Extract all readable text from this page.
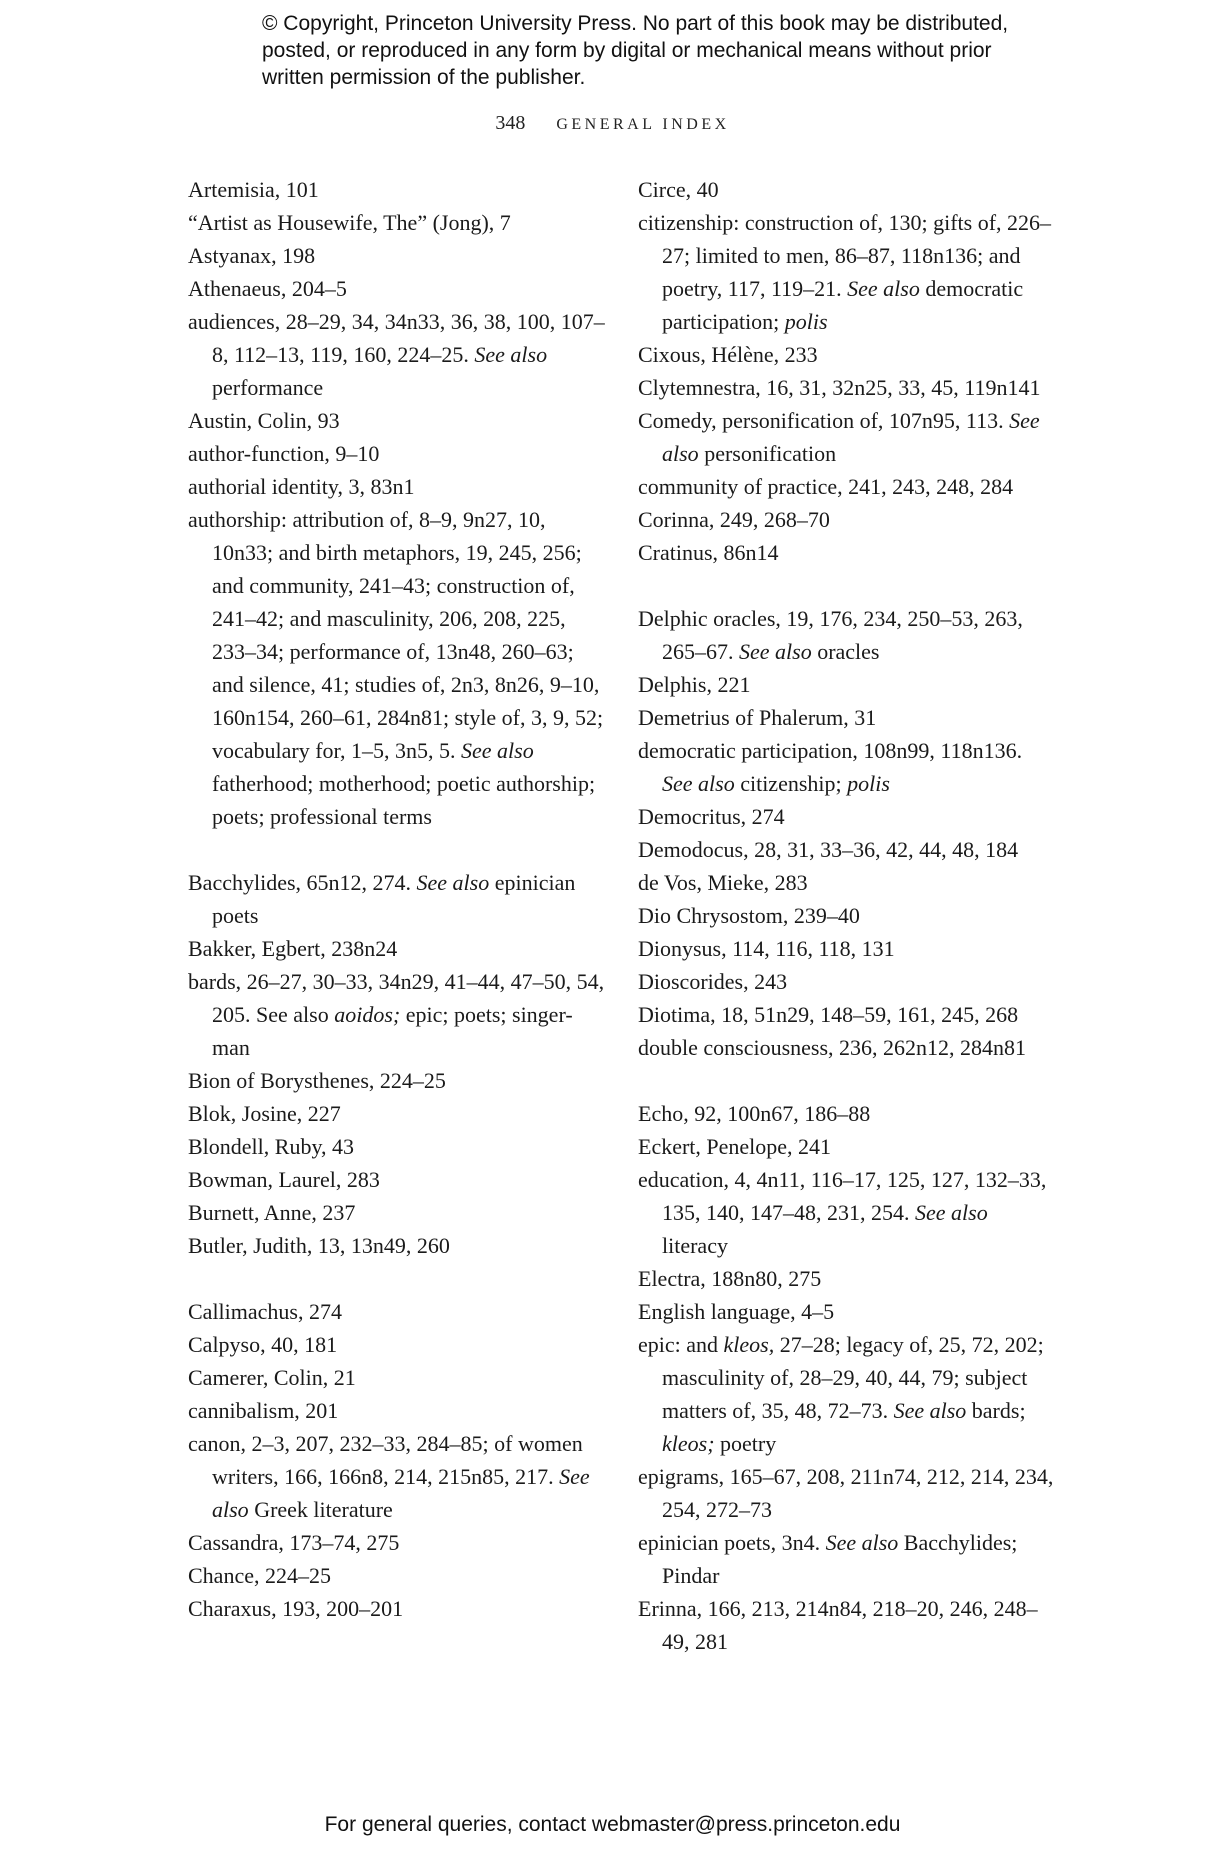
© Copyright, Princeton University Press. No part of this book may be distributed, posted, or reproduced in any form by digital or mechanical means without prior written permission of the publisher.
348 GENERAL INDEX
Artemisia, 101
“Artist as Housewife, The” (Jong), 7
Astyanax, 198
Athenaeus, 204–5
audiences, 28–29, 34, 34n33, 36, 38, 100, 107–8, 112–13, 119, 160, 224–25. See also performance
Austin, Colin, 93
author-function, 9–10
authorial identity, 3, 83n1
authorship: attribution of, 8–9, 9n27, 10, 10n33; and birth metaphors, 19, 245, 256; and community, 241–43; construction of, 241–42; and masculinity, 206, 208, 225, 233–34; performance of, 13n48, 260–63; and silence, 41; studies of, 2n3, 8n26, 9–10, 160n154, 260–61, 284n81; style of, 3, 9, 52; vocabulary for, 1–5, 3n5, 5. See also fatherhood; motherhood; poetic authorship; poets; professional terms
Bacchylides, 65n12, 274. See also epinician poets
Bakker, Egbert, 238n24
bards, 26–27, 30–33, 34n29, 41–44, 47–50, 54, 205. See also aoidos; epic; poets; singer-man
Bion of Borysthenes, 224–25
Blok, Josine, 227
Blondell, Ruby, 43
Bowman, Laurel, 283
Burnett, Anne, 237
Butler, Judith, 13, 13n49, 260
Callimachus, 274
Calpyso, 40, 181
Camerer, Colin, 21
cannibalism, 201
canon, 2–3, 207, 232–33, 284–85; of women writers, 166, 166n8, 214, 215n85, 217. See also Greek literature
Cassandra, 173–74, 275
Chance, 224–25
Charaxus, 193, 200–201
Circe, 40
citizenship: construction of, 130; gifts of, 226–27; limited to men, 86–87, 118n136; and poetry, 117, 119–21. See also democratic participation; polis
Cixous, Hélène, 233
Clytemnestra, 16, 31, 32n25, 33, 45, 119n141
Comedy, personification of, 107n95, 113. See also personification
community of practice, 241, 243, 248, 284
Corinna, 249, 268–70
Cratinus, 86n14
Delphic oracles, 19, 176, 234, 250–53, 263, 265–67. See also oracles
Delphis, 221
Demetrius of Phalerum, 31
democratic participation, 108n99, 118n136. See also citizenship; polis
Democritus, 274
Demodocus, 28, 31, 33–36, 42, 44, 48, 184
de Vos, Mieke, 283
Dio Chrysostom, 239–40
Dionysus, 114, 116, 118, 131
Dioscorides, 243
Diotima, 18, 51n29, 148–59, 161, 245, 268
double consciousness, 236, 262n12, 284n81
Echo, 92, 100n67, 186–88
Eckert, Penelope, 241
education, 4, 4n11, 116–17, 125, 127, 132–33, 135, 140, 147–48, 231, 254. See also literacy
Electra, 188n80, 275
English language, 4–5
epic: and kleos, 27–28; legacy of, 25, 72, 202; masculinity of, 28–29, 40, 44, 79; subject matters of, 35, 48, 72–73. See also bards; kleos; poetry
epigrams, 165–67, 208, 211n74, 212, 214, 234, 254, 272–73
epinician poets, 3n4. See also Bacchylides; Pindar
Erinna, 166, 213, 214n84, 218–20, 246, 248–49, 281
For general queries, contact webmaster@press.princeton.edu
